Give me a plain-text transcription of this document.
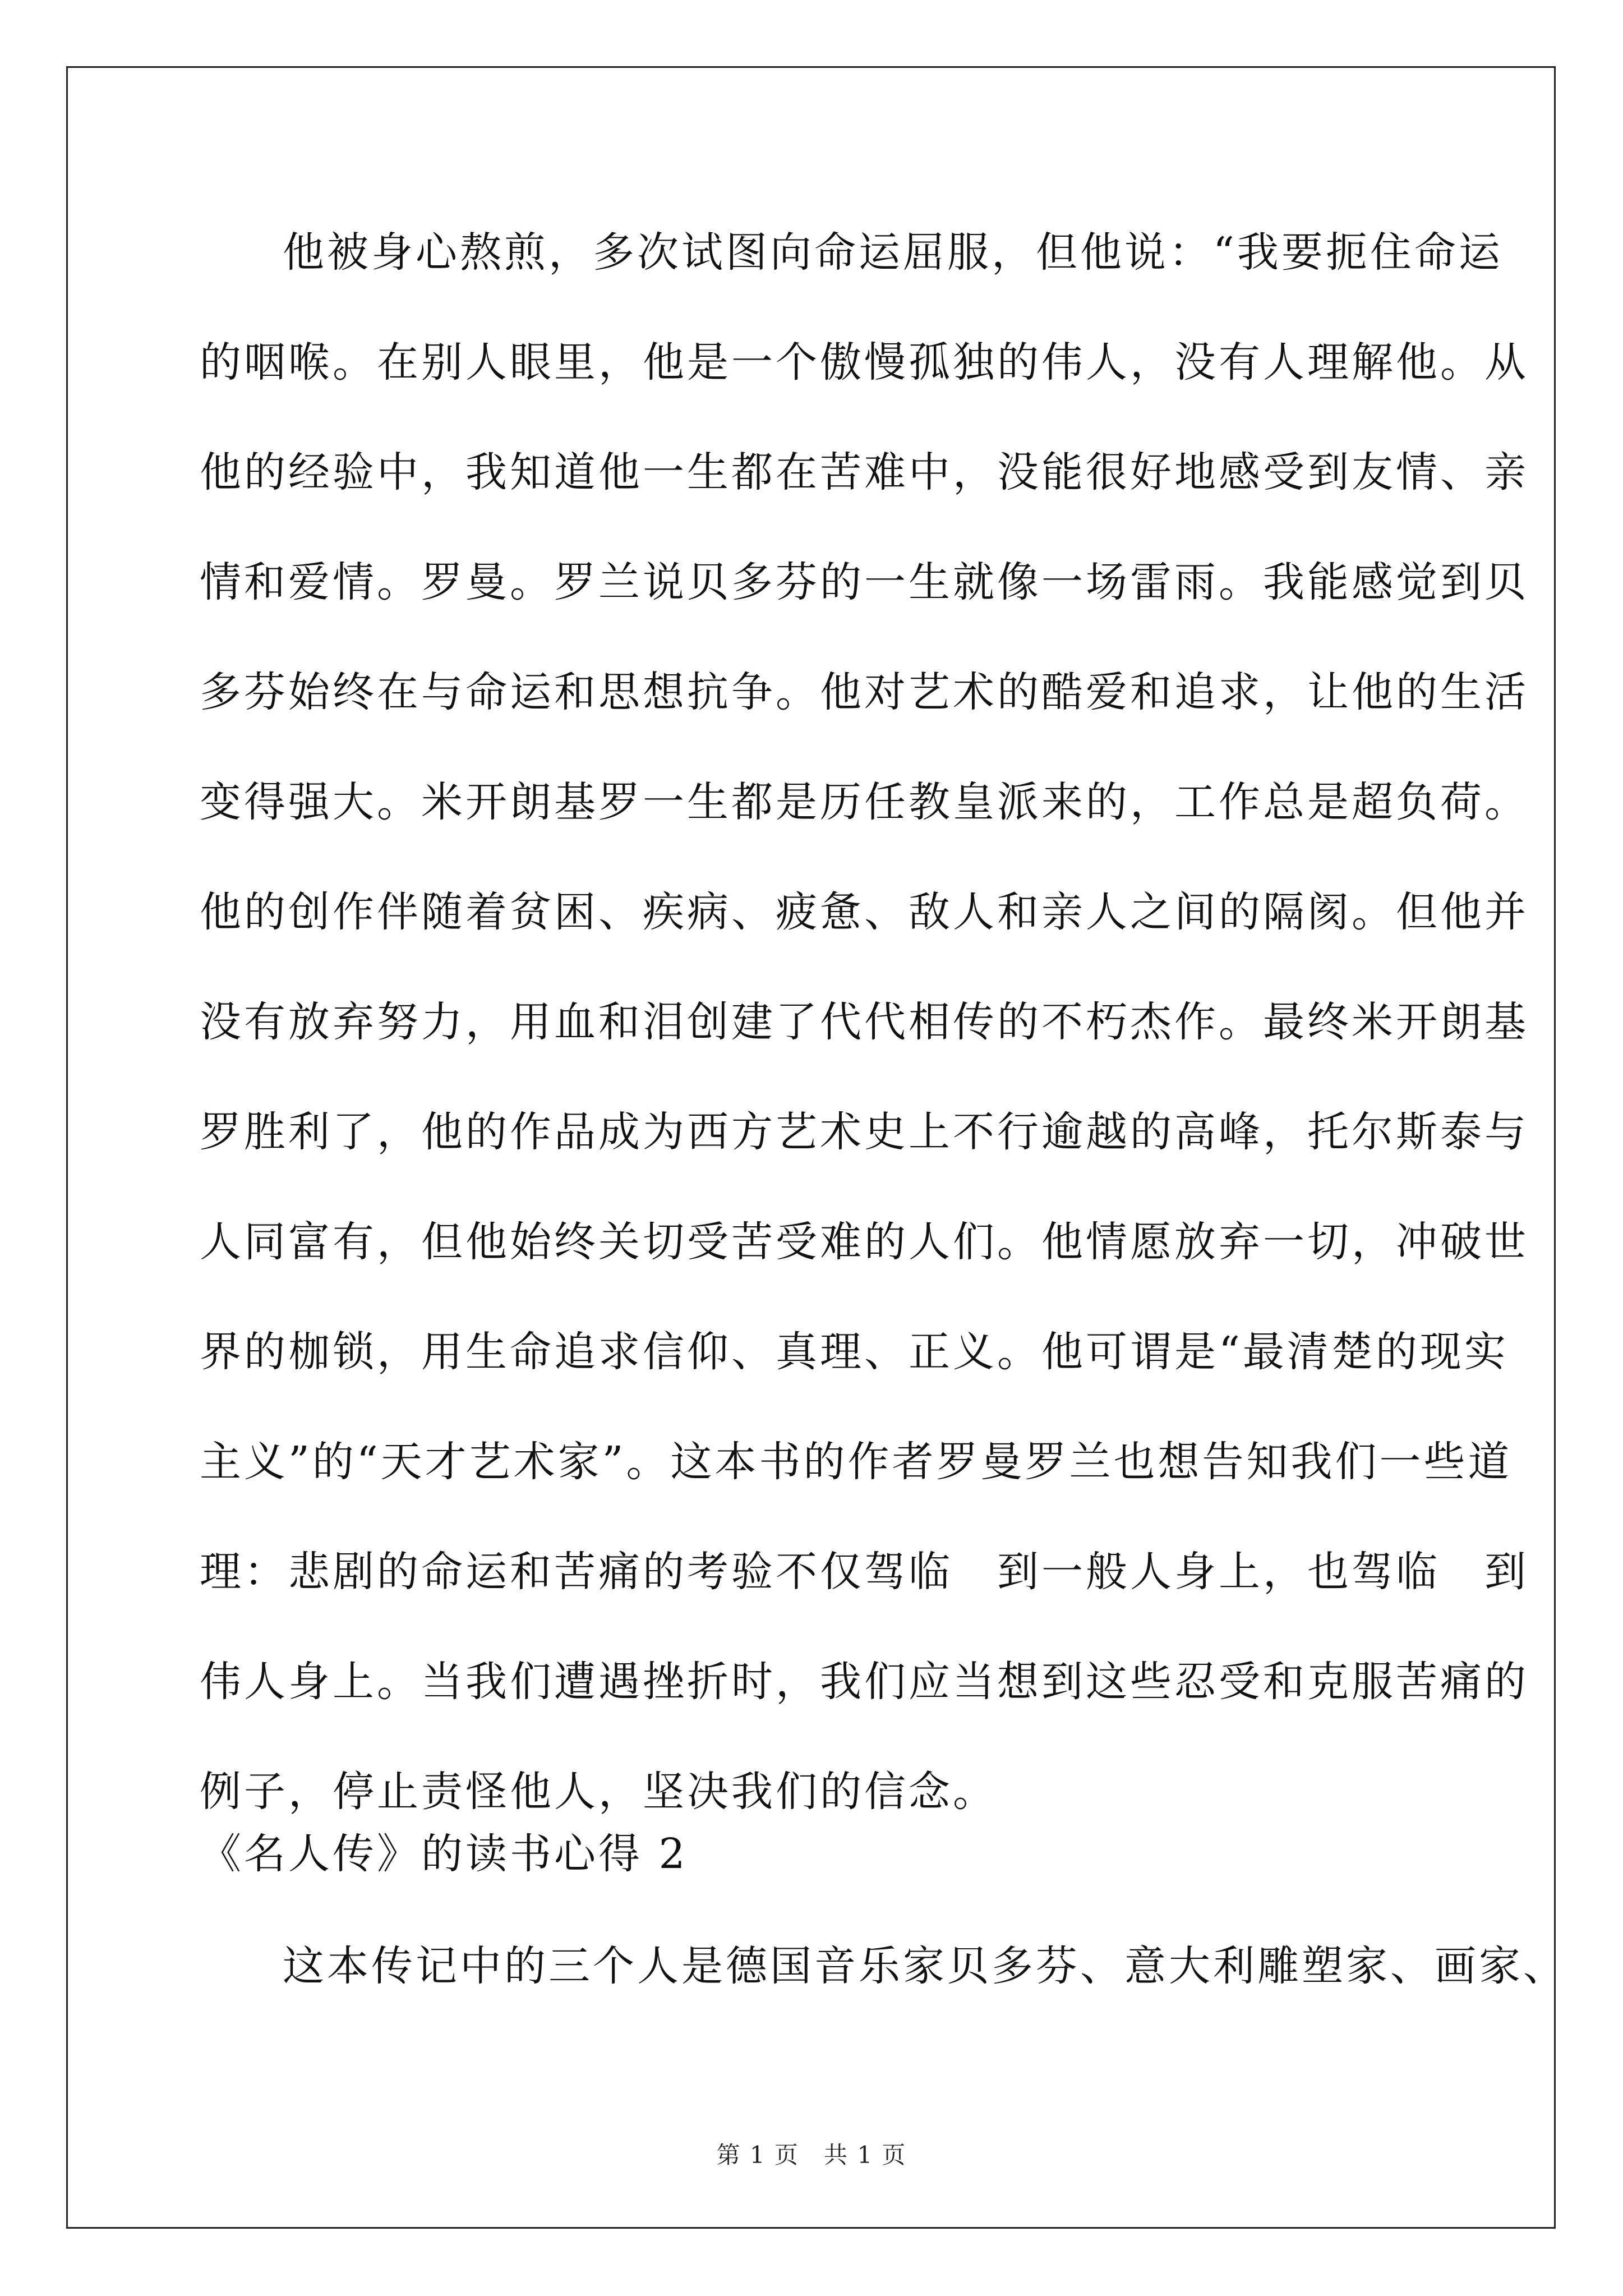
他被身心熬煎，多次试图向命运屈服，但他说：“我要扼住命运
的咽喉。在别人眼里，他是一个傲慢孤独的伟人，没有人理解他。从
他的经验中，我知道他一生都在苦难中，没能很好地感受到友情、亲
情和爱情。罗曼。罗兰说贝多芬的一生就像一场雷雨。我能感觉到贝
多芬始终在与命运和思想抗争。他对艺术的酷爱和追求，让他的生活
变得强大。米开朗基罗一生都是历任教皇派来的，工作总是超负荷。
他的创作伴随着贫困、疾病、疲惫、敌人和亲人之间的隔阂。但他并
没有放弃努力，用血和泪创建了代代相传的不朽杰作。最终米开朗基
罗胜利了，他的作品成为西方艺术史上不行逾越的高峰，托尔斯泰与
人同富有，但他始终关切受苦受难的人们。他情愿放弃一切，冲破世
界的枷锁，用生命追求信仰、真理、正义。他可谓是“最清楚的现实
主义”的“天才艺术家”。这本书的作者罗曼罗兰也想告知我们一些道
理：悲剧的命运和苦痛的考验不仅驾临　到一般人身上，也驾临　到
伟人身上。当我们遭遇挫折时，我们应当想到这些忍受和克服苦痛的
例子，停止责怪他人，坚决我们的信念。
《名人传》的读书心得 2
这本传记中的三个人是德国音乐家贝多芬、意大利雕塑家、画家、
第 1 页　共 1 页
